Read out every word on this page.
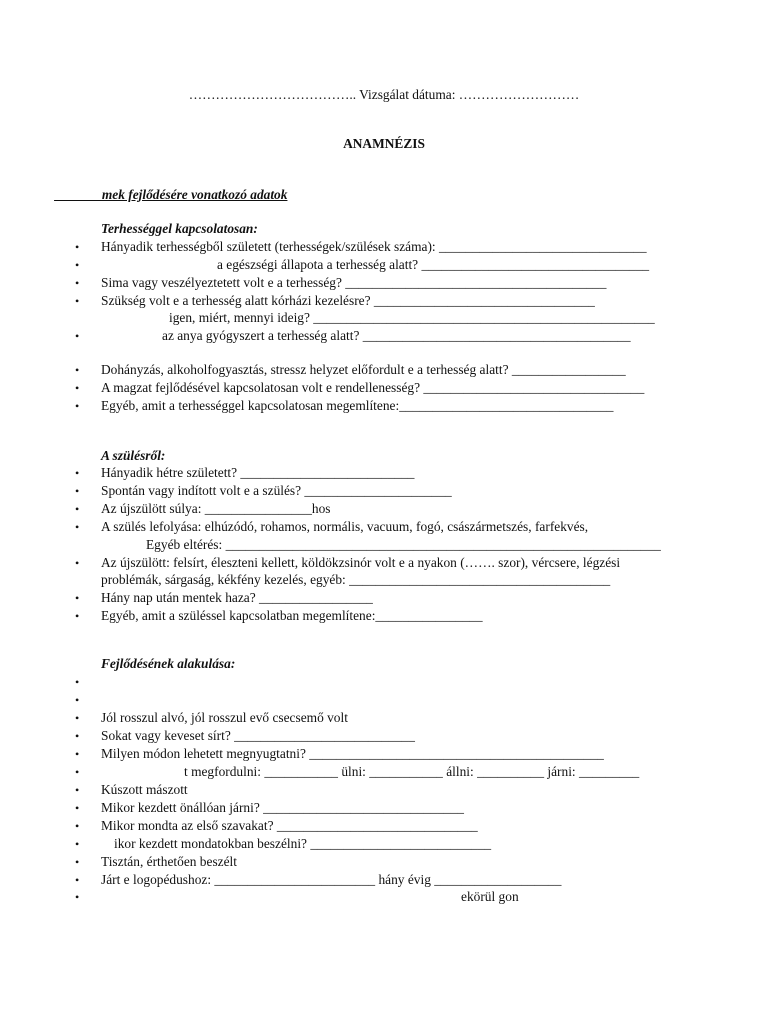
……………………………….. Vizsgálat dátuma: ………………………
ANAMNÉZIS
_______mek fejlődésére vonatkozó adatok
Terhességgel kapcsolatosan:
• Hányadik terhességből született (terhességek/szülések száma): _______________________________
•	a egészségi állapota a terhesség alatt? __________________________________
• Sima vagy veszélyeztetett volt e a terhesség? _______________________________________
• Szükség volt e a terhesség alatt kórházi kezelésre? _________________________________
igen, miért, mennyi ideig? ___________________________________________________
•	az anya gyógyszert a terhesség alatt? ________________________________________
• Dohányzás, alkoholfogyasztás, stressz helyzet előfordult e a terhesség alatt? _________________
• A magzat fejlődésével kapcsolatosan volt e rendellenesség? _________________________________
• Egyéb, amit a terhességgel kapcsolatosan megemlítene:________________________________
A szülésről:
• Hányadik hétre született? __________________________
• Spontán vagy indított volt e a szülés? ______________________
• Az újszülött súlya: ________________hos
• A szülés lefolyása: elhúzódó, rohamos, normális, vacuum, fogó, császármetszés, farfekvés,
Egyéb eltérés: _________________________________________________________________
• Az újszülött: felsírt, éleszteni kellett, köldökzsinór volt e a nyakon (……. szor), vércsere, légzési
problémák, sárgaság, kékfény kezelés, egyéb: _______________________________________
• Hány nap után mentek haza? _________________
• Egyéb, amit a szüléssel kapcsolatban megemlítene:________________
Fejlődésének alakulása:
•
•
• Jól rosszul alvó, jól rosszul evő csecsemő volt
• Sokat vagy keveset sírt? ___________________________
• Milyen módon lehetett megnyugtatni? ____________________________________________
•	t megfordulni: ___________ ülni: ___________ állni: __________ járni: _________
• Kúszott mászott
• Mikor kezdett önállóan járni? ______________________________
• Mikor mondta az első szavakat? ______________________________
•	ikor kezdett mondatokban beszélni? ___________________________
• Tisztán, érthetően beszélt
• Járt e logopédushoz: ________________________ hány évig ___________________
•	ekörül gon
